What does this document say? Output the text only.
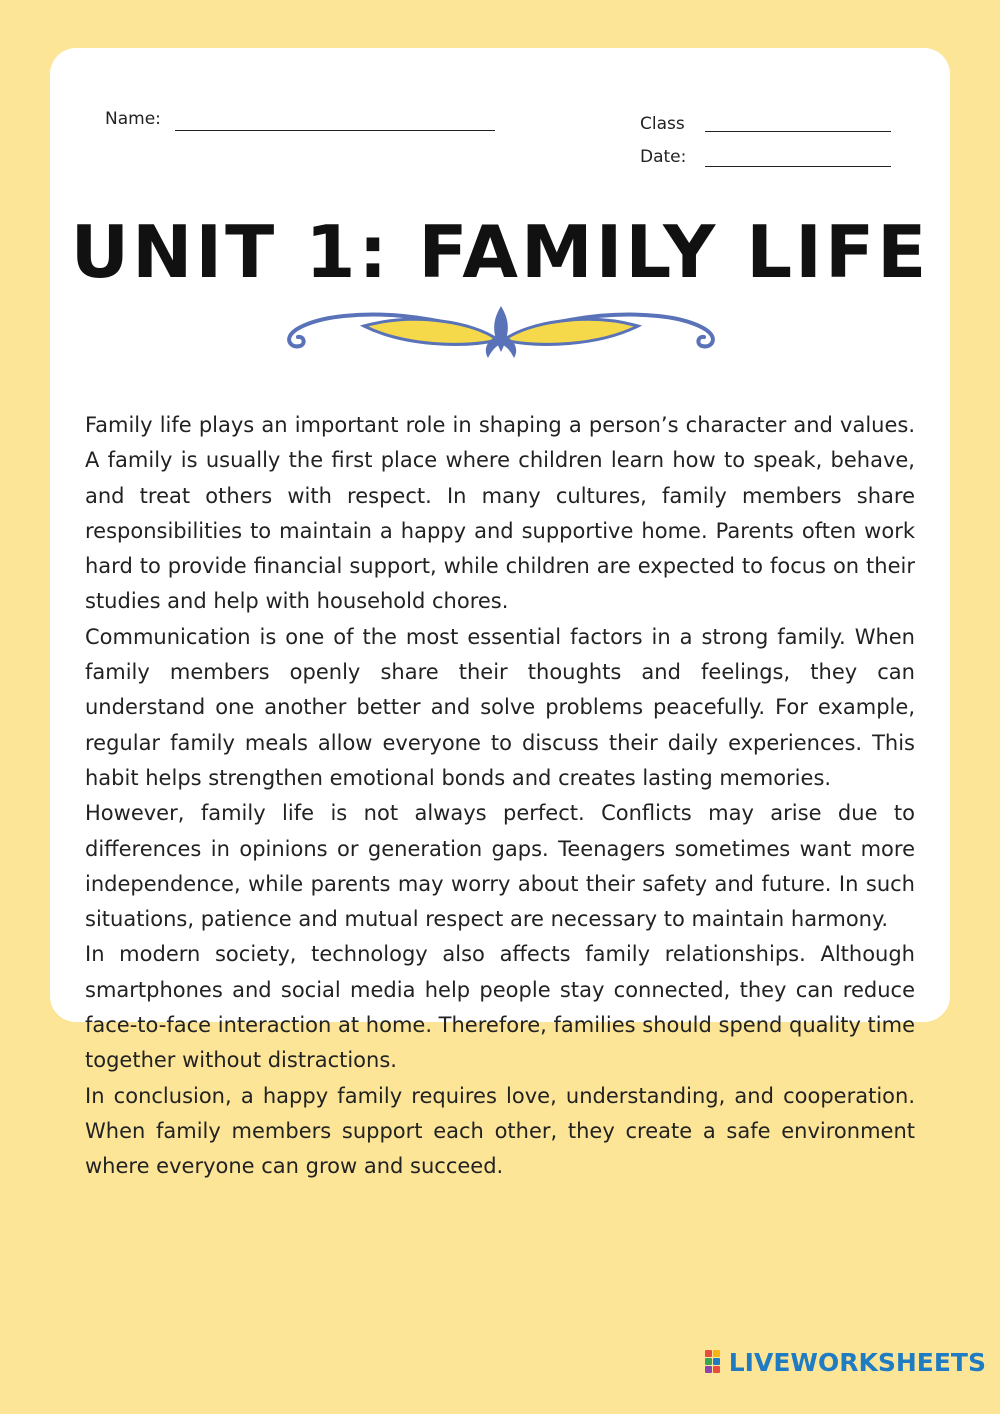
Name:	Class
Date:
UNIT 1: FAMILY LIFE

Family life plays an important role in shaping a person’s character and values. A family is usually the first place where children learn how to speak, behave, and treat others with respect. In many cultures, family members share responsibilities to maintain a happy and supportive home. Parents often work hard to provide financial support, while children are expected to focus on their studies and help with household chores.

Communication is one of the most essential factors in a strong family. When family members openly share their thoughts and feelings, they can understand one another better and solve problems peacefully. For example, regular family meals allow everyone to discuss their daily experiences. This habit helps strengthen emotional bonds and creates lasting memories.

However, family life is not always perfect. Conflicts may arise due to differences in opinions or generation gaps. Teenagers sometimes want more independence, while parents may worry about their safety and future. In such situations, patience and mutual respect are necessary to maintain harmony.

In modern society, technology also affects family relationships. Although smartphones and social media help people stay connected, they can reduce face-to-face interaction at home. Therefore, families should spend quality time together without distractions.

In conclusion, a happy family requires love, understanding, and cooperation. When family members support each other, they create a safe environment where everyone can grow and succeed.

LIVEWORKSHEETS
